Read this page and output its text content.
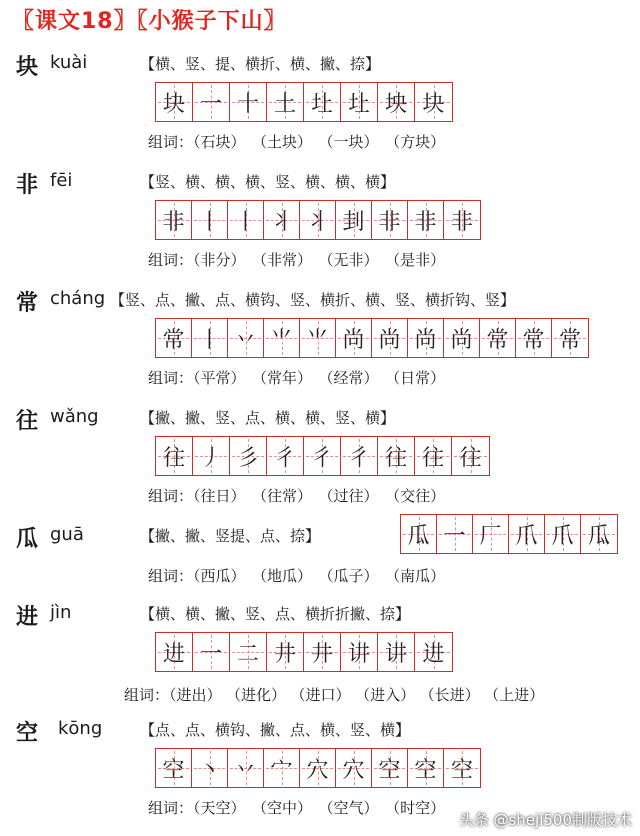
〖课文18〗〖小猴子下山〗
块 kuài	【横、竖、提、横折、横、撇、捺】
块 一 十 土 圵 圵 坱 块
组词：（石块） （土块） （一块） （方块）
非 fēi	【竖、横、横、横、竖、横、横、横】
非 丨 丨 丬 丬 刲 非 非 非
组词：（非分） （非常） （无非） （是非）
常 cháng 【竖、点、撇、点、横钩、竖、横折、横、竖、横折钩、竖】
常 丨 丷 ⺌ ⺌ 尚 尚 尚 尚 常 常 常
组词：（平常） （常年） （经常） （日常）
往 wǎng	【撇、撇、竖、点、横、横、竖、横】
往 丿 彡 彳 彳 彳 往 往 往
组词：（往日） （往常） （过往） （交往）
瓜 guā	【撇、撇、竖提、点、捺】	瓜 一 厂 爪 爪 瓜
组词：（西瓜） （地瓜） （瓜子） （南瓜）
进 jìn	【横、横、撇、竖、点、横折折撇、捺】
进 一 二 井 井 讲 讲 进
组词：（进出） （进化） （进口） （进入） （长进） （上进）
空 kōng	【点、点、横钩、撇、点、横、竖、横】
空 丶 丷 宀 穴 穴 空 空 空
组词：（天空） （空中） （空气） （时空）
头条 @sheji500制版技术
